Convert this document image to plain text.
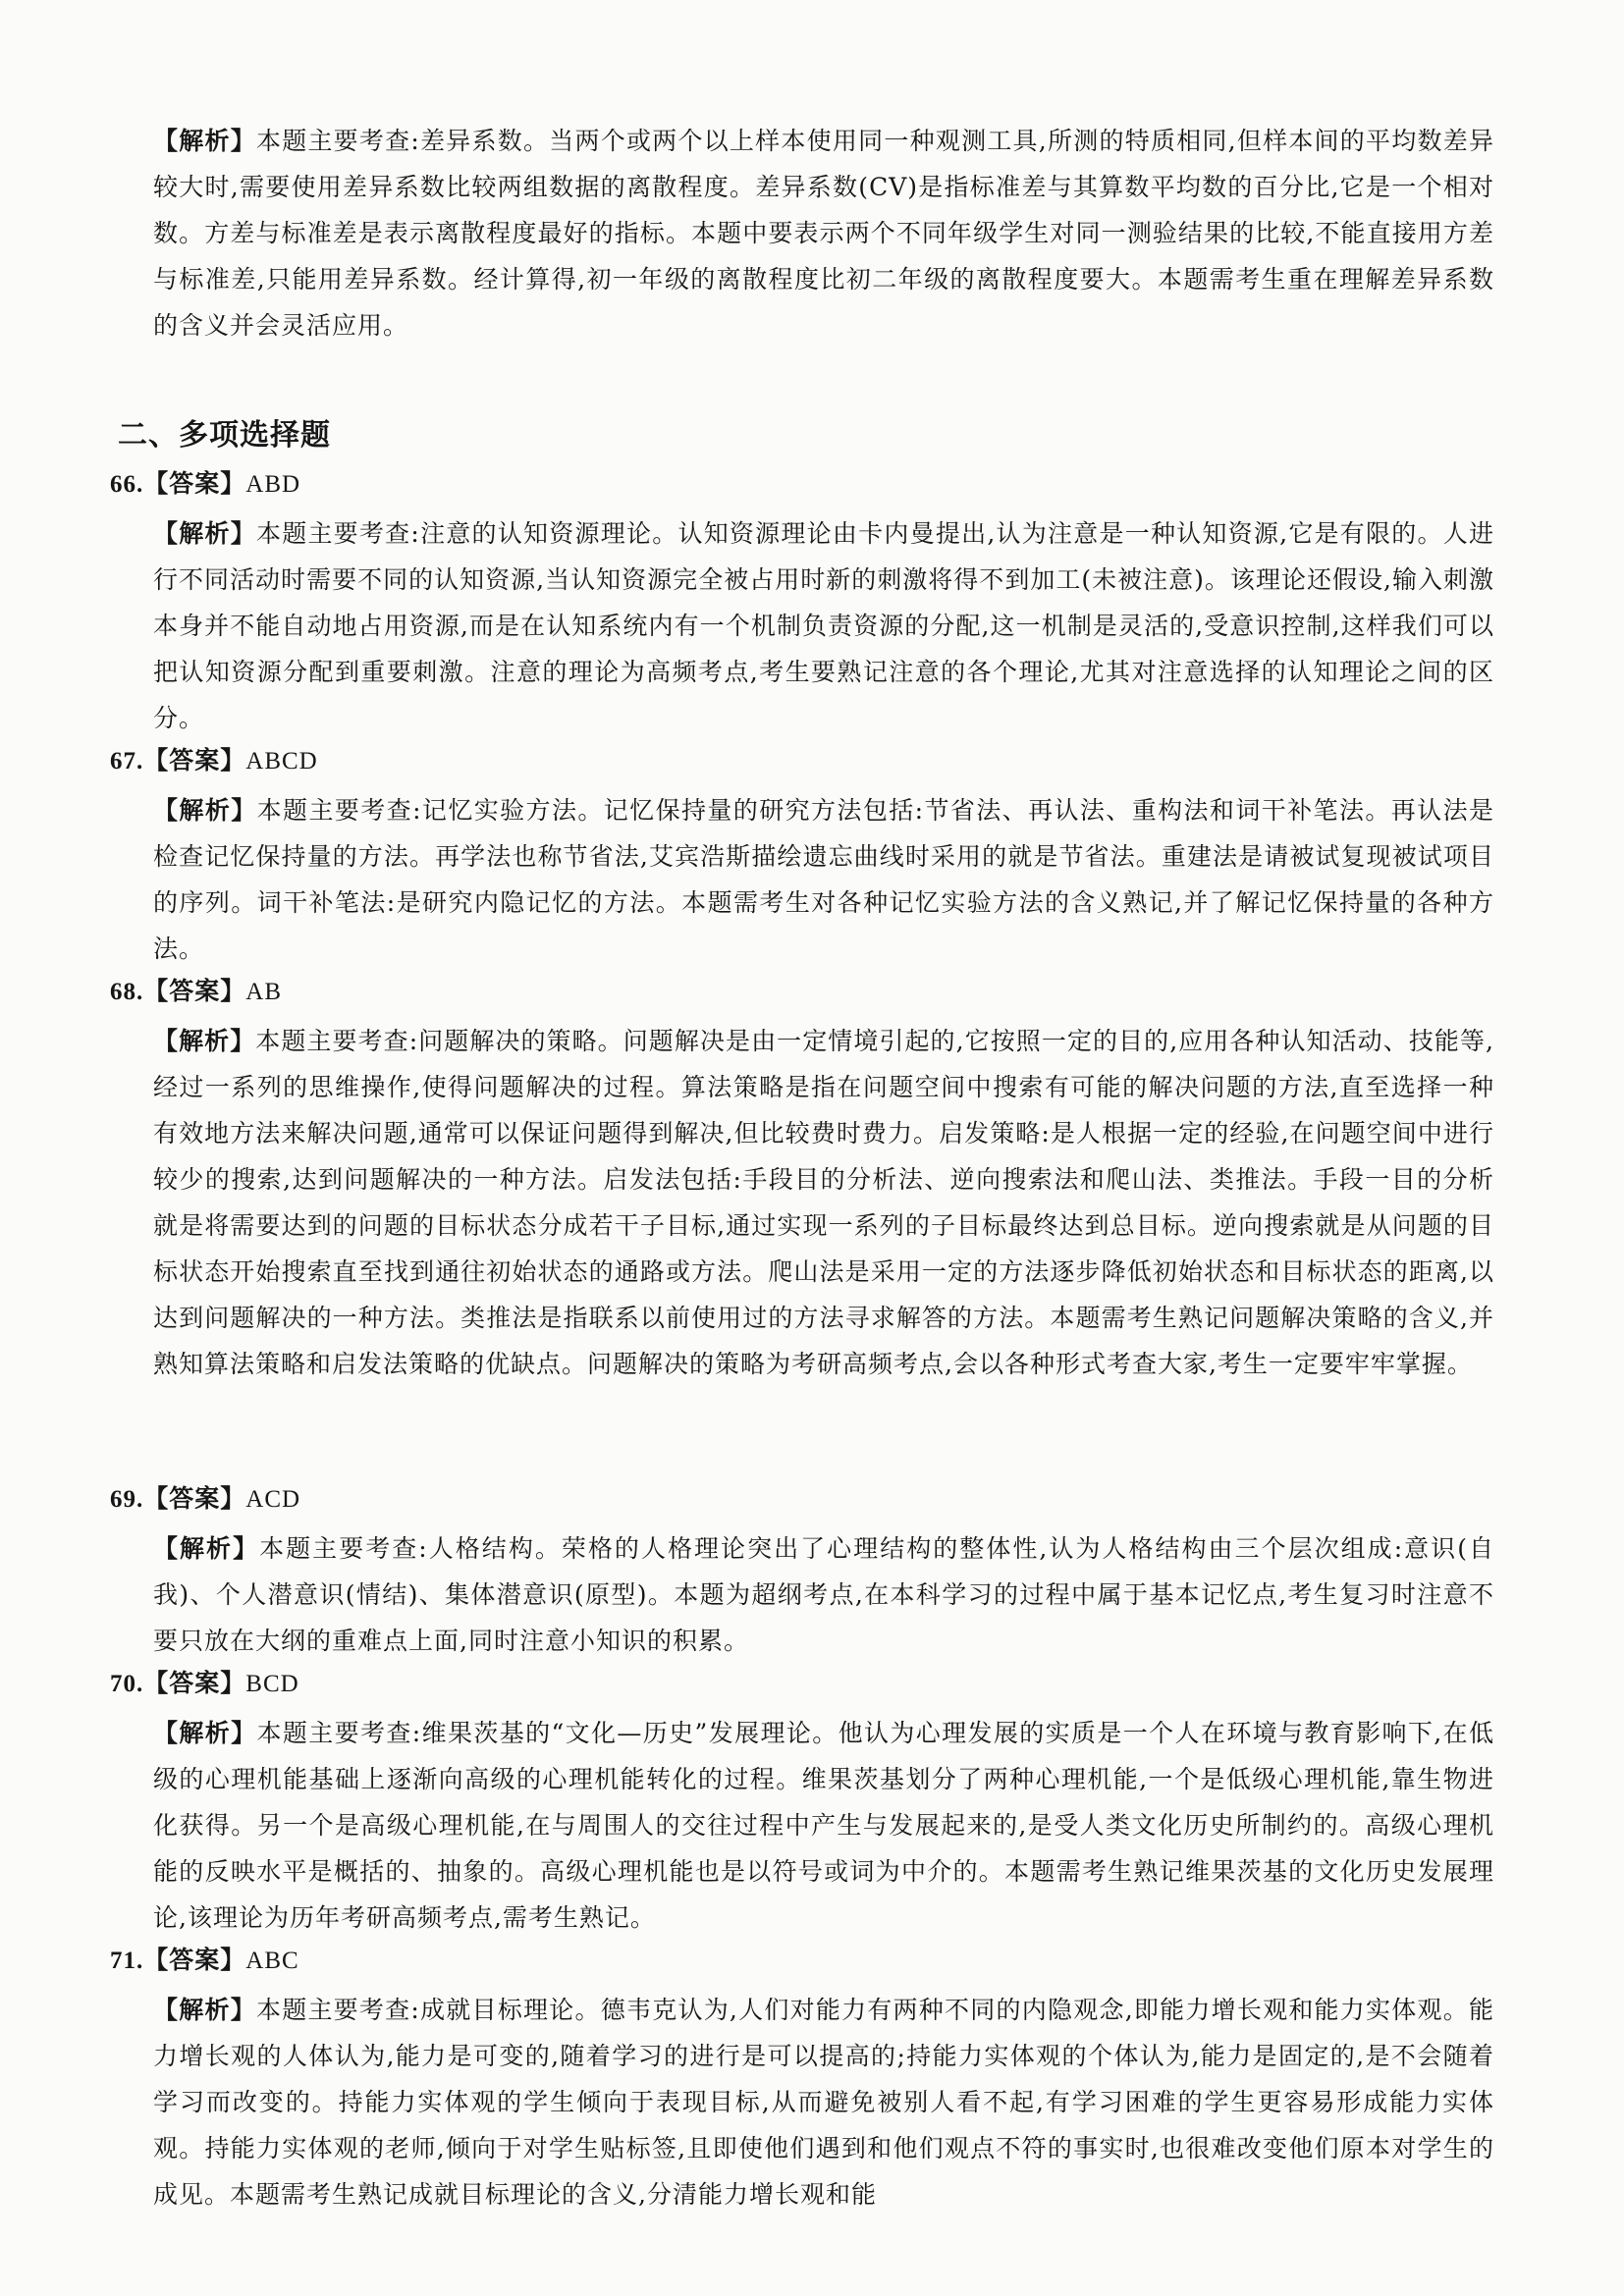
【解析】本题主要考查:差异系数。当两个或两个以上样本使用同一种观测工具,所测的特质相同,但样本间的平均数差异较大时,需要使用差异系数比较两组数据的离散程度。差异系数(CV)是指标准差与其算数平均数的百分比,它是一个相对数。方差与标准差是表示离散程度最好的指标。本题中要表示两个不同年级学生对同一测验结果的比较,不能直接用方差与标准差,只能用差异系数。经计算得,初一年级的离散程度比初二年级的离散程度要大。本题需考生重在理解差异系数的含义并会灵活应用。
二、多项选择题
66.【答案】ABD
【解析】本题主要考查:注意的认知资源理论。认知资源理论由卡内曼提出,认为注意是一种认知资源,它是有限的。人进行不同活动时需要不同的认知资源,当认知资源完全被占用时新的刺激将得不到加工(未被注意)。该理论还假设,输入刺激本身并不能自动地占用资源,而是在认知系统内有一个机制负责资源的分配,这一机制是灵活的,受意识控制,这样我们可以把认知资源分配到重要刺激。注意的理论为高频考点,考生要熟记注意的各个理论,尤其对注意选择的认知理论之间的区分。
67.【答案】ABCD
【解析】本题主要考查:记忆实验方法。记忆保持量的研究方法包括:节省法、再认法、重构法和词干补笔法。再认法是检查记忆保持量的方法。再学法也称节省法,艾宾浩斯描绘遗忘曲线时采用的就是节省法。重建法是请被试复现被试项目的序列。词干补笔法:是研究内隐记忆的方法。本题需考生对各种记忆实验方法的含义熟记,并了解记忆保持量的各种方法。
68.【答案】AB
【解析】本题主要考查:问题解决的策略。问题解决是由一定情境引起的,它按照一定的目的,应用各种认知活动、技能等,经过一系列的思维操作,使得问题解决的过程。算法策略是指在问题空间中搜索有可能的解决问题的方法,直至选择一种有效地方法来解决问题,通常可以保证问题得到解决,但比较费时费力。启发策略:是人根据一定的经验,在问题空间中进行较少的搜索,达到问题解决的一种方法。启发法包括:手段目的分析法、逆向搜索法和爬山法、类推法。手段一目的分析就是将需要达到的问题的目标状态分成若干子目标,通过实现一系列的子目标最终达到总目标。逆向搜索就是从问题的目标状态开始搜索直至找到通往初始状态的通路或方法。爬山法是采用一定的方法逐步降低初始状态和目标状态的距离,以达到问题解决的一种方法。类推法是指联系以前使用过的方法寻求解答的方法。本题需考生熟记问题解决策略的含义,并熟知算法策略和启发法策略的优缺点。问题解决的策略为考研高频考点,会以各种形式考查大家,考生一定要牢牢掌握。
69.【答案】ACD
【解析】本题主要考查:人格结构。荣格的人格理论突出了心理结构的整体性,认为人格结构由三个层次组成:意识(自我)、个人潜意识(情结)、集体潜意识(原型)。本题为超纲考点,在本科学习的过程中属于基本记忆点,考生复习时注意不要只放在大纲的重难点上面,同时注意小知识的积累。
70.【答案】BCD
【解析】本题主要考查:维果茨基的“文化—历史”发展理论。他认为心理发展的实质是一个人在环境与教育影响下,在低级的心理机能基础上逐渐向高级的心理机能转化的过程。维果茨基划分了两种心理机能,一个是低级心理机能,靠生物进化获得。另一个是高级心理机能,在与周围人的交往过程中产生与发展起来的,是受人类文化历史所制约的。高级心理机能的反映水平是概括的、抽象的。高级心理机能也是以符号或词为中介的。本题需考生熟记维果茨基的文化历史发展理论,该理论为历年考研高频考点,需考生熟记。
71.【答案】ABC
【解析】本题主要考查:成就目标理论。德韦克认为,人们对能力有两种不同的内隐观念,即能力增长观和能力实体观。能力增长观的人体认为,能力是可变的,随着学习的进行是可以提高的;持能力实体观的个体认为,能力是固定的,是不会随着学习而改变的。持能力实体观的学生倾向于表现目标,从而避免被别人看不起,有学习困难的学生更容易形成能力实体观。持能力实体观的老师,倾向于对学生贴标签,且即使他们遇到和他们观点不符的事实时,也很难改变他们原本对学生的成见。本题需考生熟记成就目标理论的含义,分清能力增长观和能
